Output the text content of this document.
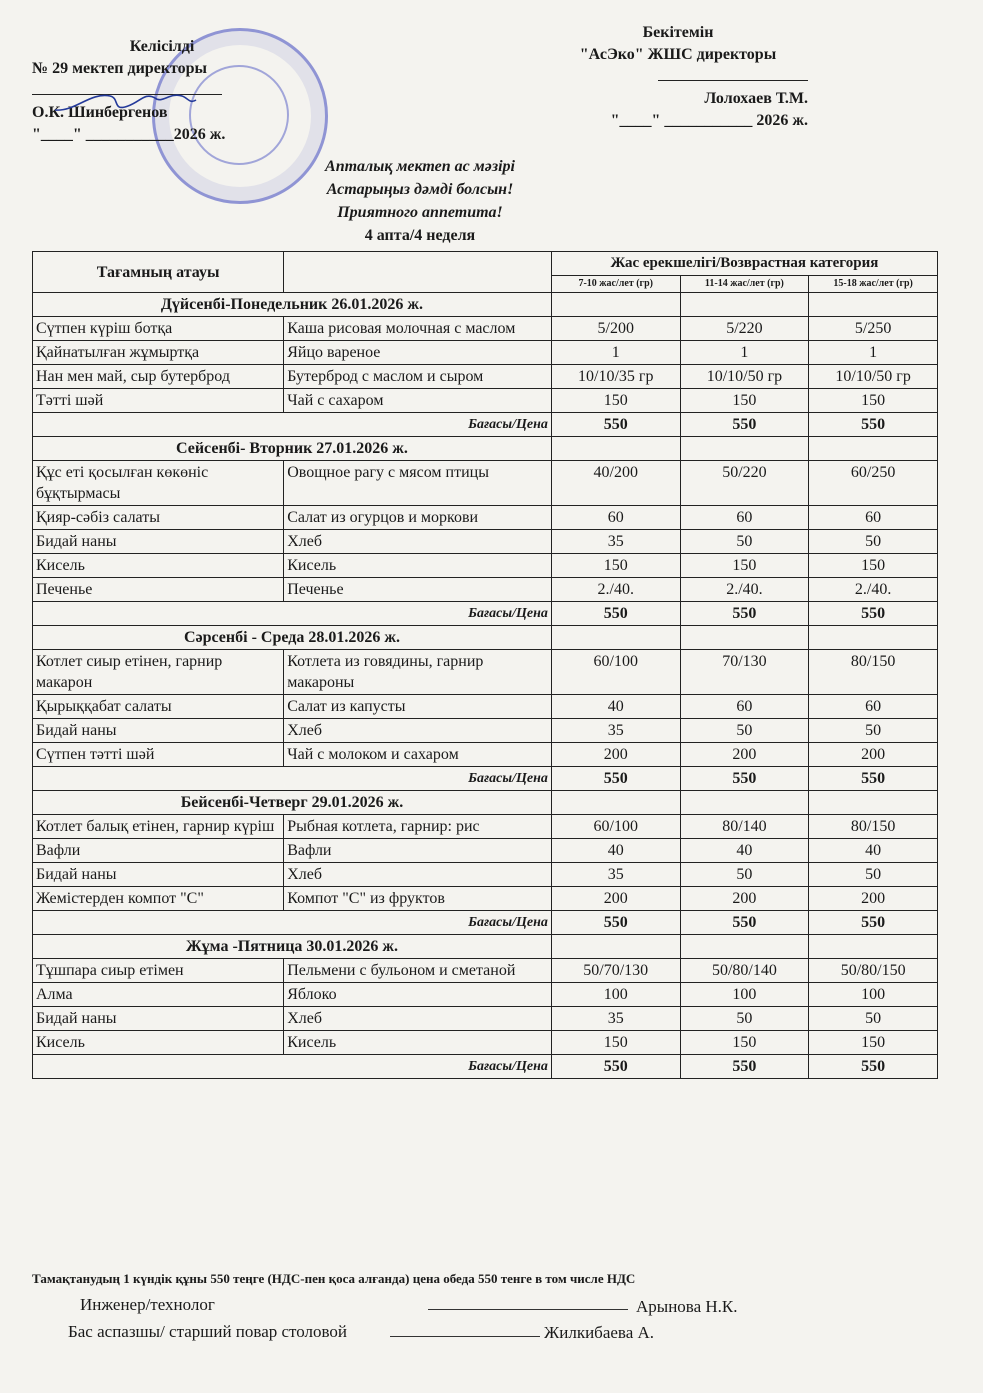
Келісілді
№ 29 мектеп директоры
О.К. Шинбергенов
"____" ___________2026 ж.
Бекітемін
"АсЭко" ЖШС директоры
Лолохаев Т.М.
"____" ___________ 2026 ж.
Апталық мектеп ас мәзірі
Астарыңыз дәмді болсын!
Приятного аппетита!
4 апта/4 неделя
Тағамның атауы		Жас ерекшелігі/Возврастная категория		
		7-10 жас/лет (гр)	11-14 жас/лет (гр)	15-18 жас/лет (гр)
Дүйсенбі-Понедельник 26.01.2026 ж.				
Сүтпен күріш ботқа	Каша рисовая молочная с маслом	5/200	5/220	5/250
Қайнатылған жұмыртқа	Яйцо вареное	1	1	1
Нан мен май, сыр бутерброд	Бутерброд с маслом и сыром	10/10/35 гр	10/10/50 гр	10/10/50 гр
Тәтті шәй	Чай с сахаром	150	150	150
Бағасы/Цена		550	550	550
Сейсенбі- Вторник 27.01.2026 ж.				
Құс еті қосылған көкөніс бұқтырмасы	Овощное рагу с мясом птицы	40/200	50/220	60/250
Қияр-сәбіз салаты	Салат из огурцов и моркови	60	60	60
Бидай наны	Хлеб	35	50	50
Кисель	Кисель	150	150	150
Печенье	Печенье	2./40.	2./40.	2./40.
Бағасы/Цена		550	550	550
Сәрсенбі - Среда 28.01.2026 ж.				
Котлет сиыр етінен, гарнир макарон	Котлета из говядины, гарнир макароны	60/100	70/130	80/150
Қырыққабат салаты	Салат из капусты	40	60	60
Бидай наны	Хлеб	35	50	50
Сүтпен тәтті шәй	Чай с молоком и сахаром	200	200	200
Бағасы/Цена		550	550	550
Бейсенбі-Четверг 29.01.2026 ж.				
Котлет балық етінен, гарнир күріш	Рыбная котлета, гарнир: рис	60/100	80/140	80/150
Вафли	Вафли	40	40	40
Бидай наны	Хлеб	35	50	50
Жемістерден компот "С"	Компот "С" из фруктов	200	200	200
Бағасы/Цена		550	550	550
Жұма -Пятница 30.01.2026 ж.				
Тұшпара сиыр етімен	Пельмени с бульоном и сметаной	50/70/130	50/80/140	50/80/150
Алма	Яблоко	100	100	100
Бидай наны	Хлеб	35	50	50
Кисель	Кисель	150	150	150
Бағасы/Цена		550	550	550
Тамақтанудың 1 күндік құны 550 теңге (НДС-пен қоса алғанда) цена обеда 550 тенге в том числе НДС
Инженер/технолог	Арынова Н.К.
Бас аспазшы/ старший повар столовой	Жилкибаева А.
